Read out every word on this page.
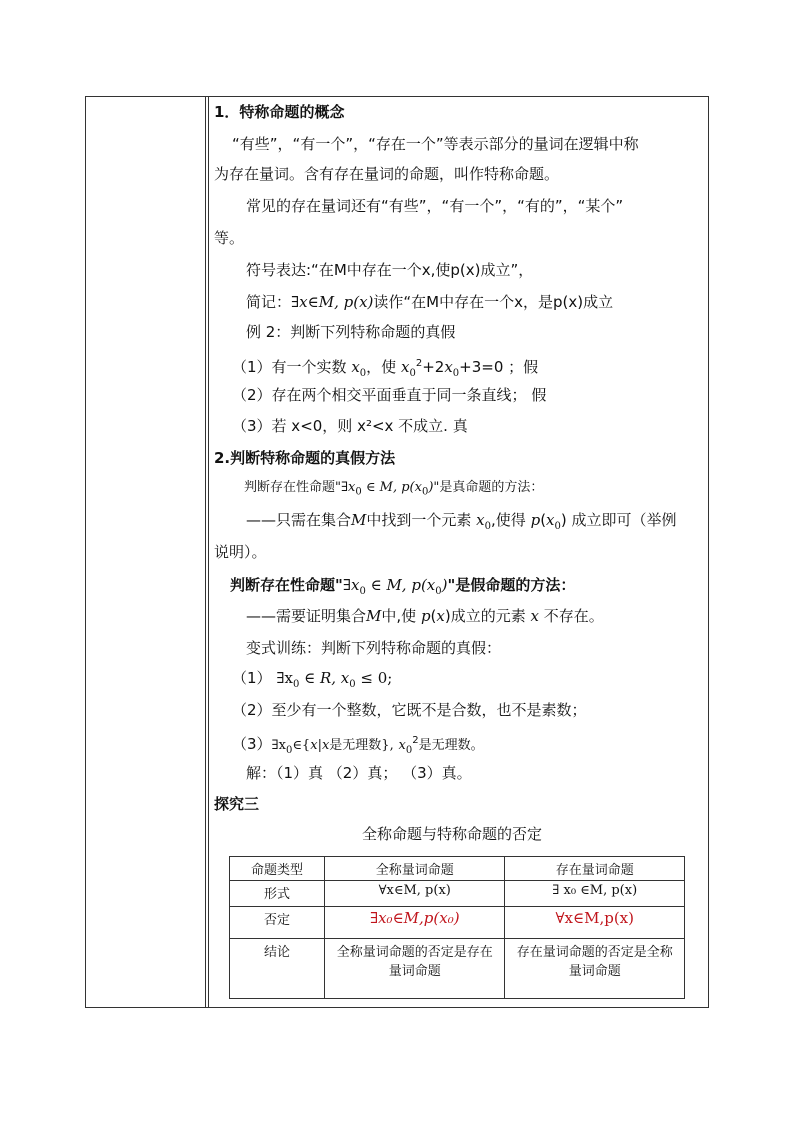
1．特称命题的概念
“有些”，“有一个”，“存在一个”等表示部分的量词在逻辑中称
为存在量词。含有存在量词的命题，叫作特称命题。
常见的存在量词还有“有些”，“有一个”，“有的”，“某个”
等。
符号表达:“在M中存在一个x,使p(x)成立”，
简记：∃x∈M, p(x)读作“在M中存在一个x，是p(x)成立
例 2：判断下列特称命题的真假
（1）有一个实数 $x_0$，使 $x_0^2+2x_0+3=0$ ；假
（2）存在两个相交平面垂直于同一条直线； 假
（3）若 x<0，则 x²<x 不成立. 真
2.判断特称命题的真假方法
判断存在性命题"$\exists x_0$ ∈ M, $p(x_0)$"是真命题的方法：
——只需在集合M中找到一个元素 $x_0$,使得 $p(x_0)$ 成立即可（举例
说明）。
判断存在性命题"$\exists x_0$ ∈ M, $p(x_0)$"是假命题的方法：
——需要证明集合M中,使 p(x)成立的元素 x 不存在。
变式训练：判断下列特称命题的真假：
（1） $\exists x_0$ ∈ R, $x_0 \le 0$;
（2）至少有一个整数，它既不是合数，也不是素数；
$(3)\exists x_0\in\{x|x$是无理数}, $x_0^2$是无理数。
解：（1）真 （2）真； （3）真。
探究三
全称命题与特称命题的否定
命题类型	全称量词命题	存在量词命题
形式	∀x∈M, p(x)	∃ x₀ ∈M, p(x)
否定	∃x₀∈M,p(x₀)	∀x∈M,p(x)
结论	全称量词命题的否定是存在量词命题	存在量词命题的否定是全称量词命题
